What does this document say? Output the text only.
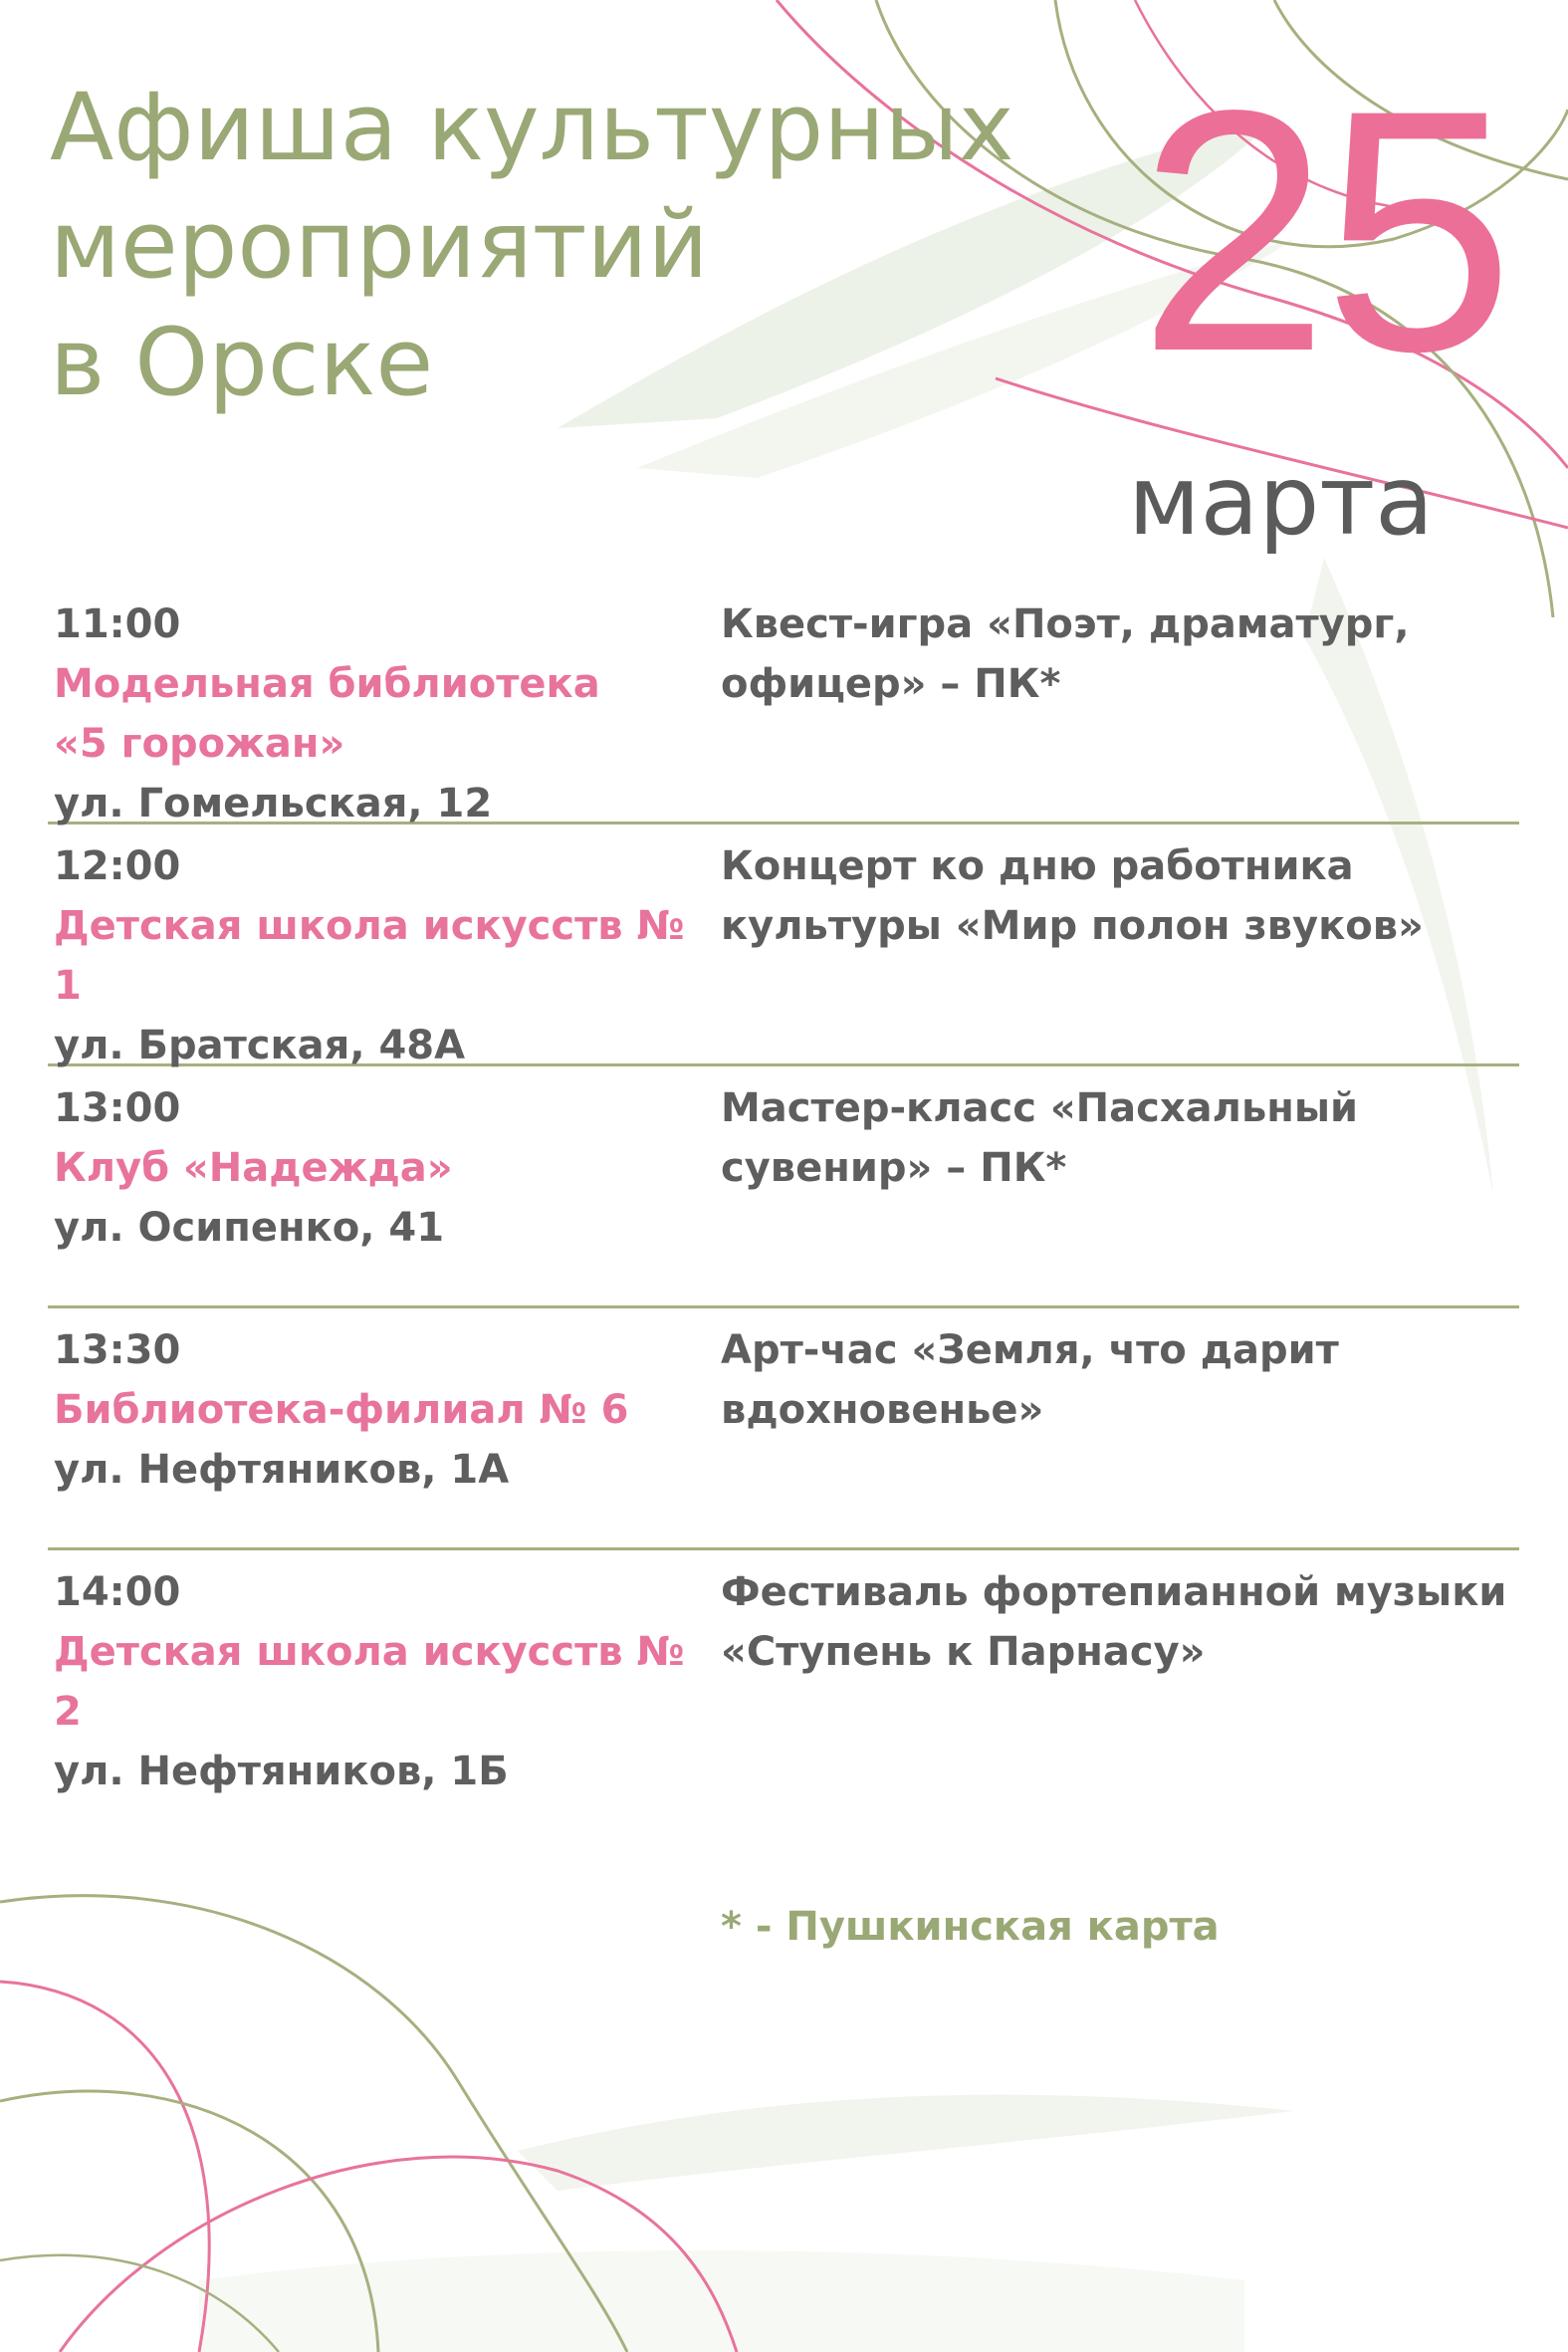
Афиша культурных
мероприятий
в Орске	25
марта
11:00
Модельная библиотека
«5 горожан»
ул. Гомельская, 12
Квест-игра «Поэт, драматург,
офицер» – ПК*
12:00
Детская школа искусств № 1
ул. Братская, 48А
Концерт ко дню работника
культуры «Мир полон звуков»
13:00
Клуб «Надежда»
ул. Осипенко, 41
Мастер-класс «Пасхальный
сувенир» – ПК*
13:30
Библиотека-филиал № 6
ул. Нефтяников, 1А
Арт-час «Земля, что дарит
вдохновенье»
14:00
Детская школа искусств № 2
ул. Нефтяников, 1Б
Фестиваль фортепианной музыки
«Ступень к Парнасу»
* - Пушкинская карта
